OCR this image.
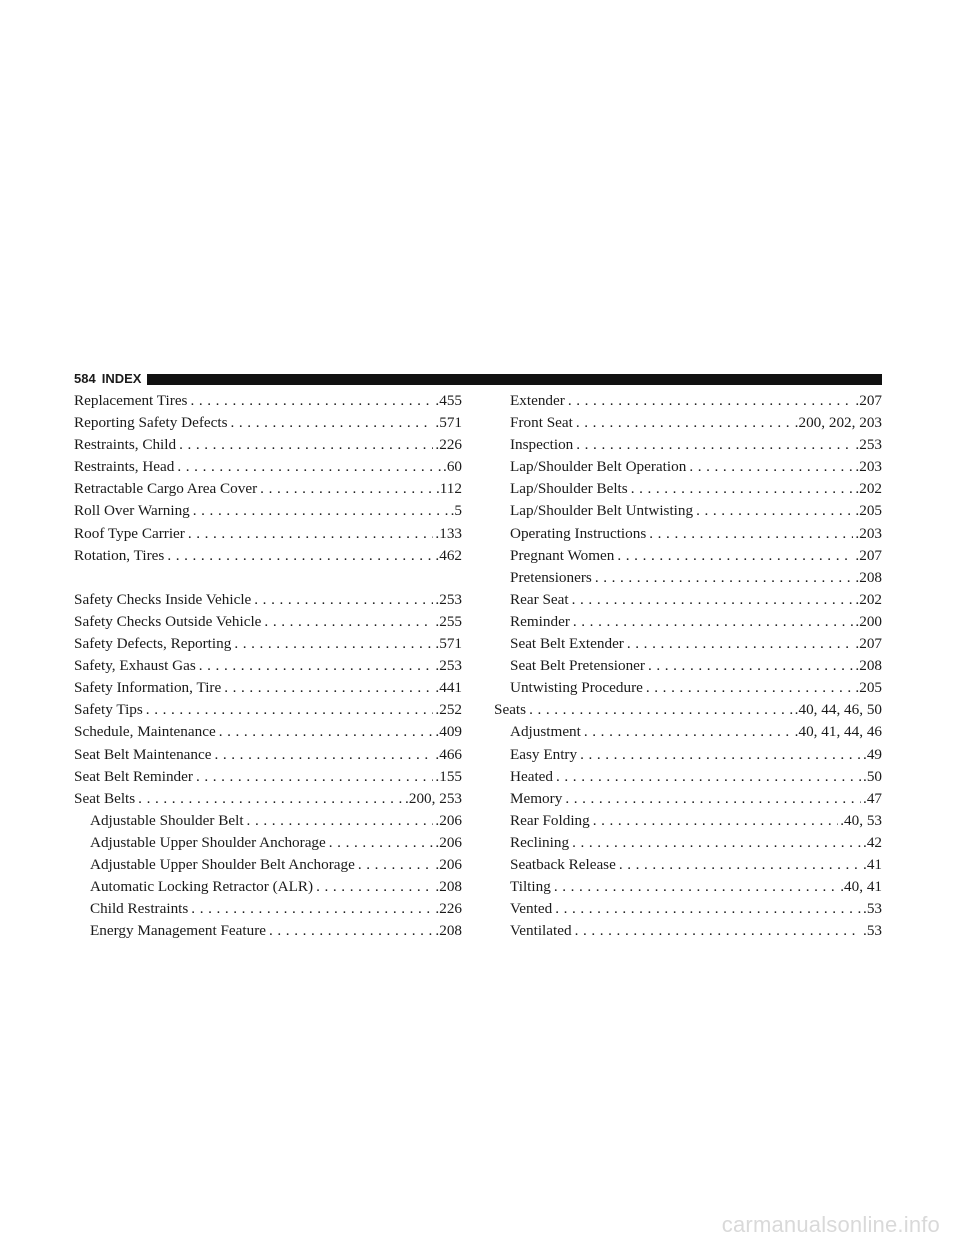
584 INDEX
Replacement Tires .....	.455
Reporting Safety Defects .....	.571
Restraints, Child .....	.226
Restraints, Head .....	.60
Retractable Cargo Area Cover .....	.112
Roll Over Warning .....	.5
Roof Type Carrier .....	.133
Rotation, Tires .....	.462
Safety Checks Inside Vehicle .....	.253
Safety Checks Outside Vehicle .....	.255
Safety Defects, Reporting .....	.571
Safety, Exhaust Gas .....	.253
Safety Information, Tire .....	.441
Safety Tips .....	.252
Schedule, Maintenance .....	.409
Seat Belt Maintenance .....	.466
Seat Belt Reminder .....	.155
Seat Belts .....	.200, 253
Adjustable Shoulder Belt .....	.206
Adjustable Upper Shoulder Anchorage .....	.206
Adjustable Upper Shoulder Belt Anchorage .....	.206
Automatic Locking Retractor (ALR) .....	.208
Child Restraints .....	.226
Energy Management Feature .....	.208
Extender .....	.207
Front Seat .....	.200, 202, 203
Inspection .....	.253
Lap/Shoulder Belt Operation .....	.203
Lap/Shoulder Belts .....	.202
Lap/Shoulder Belt Untwisting .....	.205
Operating Instructions .....	.203
Pregnant Women .....	.207
Pretensioners .....	.208
Rear Seat .....	.202
Reminder .....	.200
Seat Belt Extender .....	.207
Seat Belt Pretensioner .....	.208
Untwisting Procedure .....	.205
Seats .....	.40, 44, 46, 50
Adjustment .....	.40, 41, 44, 46
Easy Entry .....	.49
Heated .....	.50
Memory .....	.47
Rear Folding .....	.40, 53
Reclining .....	.42
Seatback Release .....	.41
Tilting .....	.40, 41
Vented .....	.53
Ventilated .....	.53
carmanualsonline.info
